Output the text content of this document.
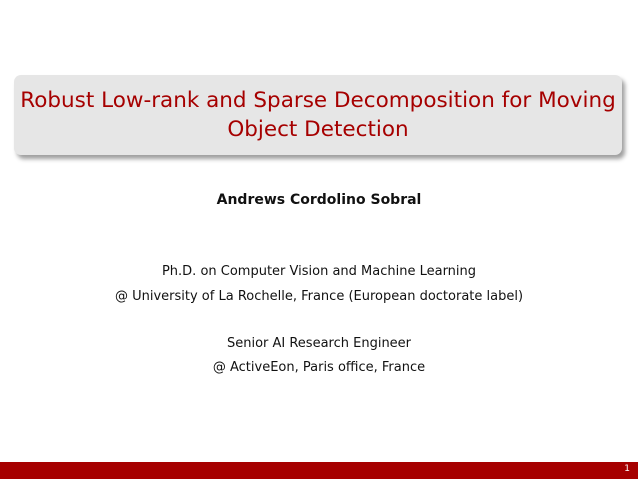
Robust Low-rank and Sparse Decomposition for Moving
Object Detection
Andrews Cordolino Sobral
Ph.D. on Computer Vision and Machine Learning
@ University of La Rochelle, France (European doctorate label)
Senior AI Research Engineer
@ ActiveEon, Paris office, France
1
